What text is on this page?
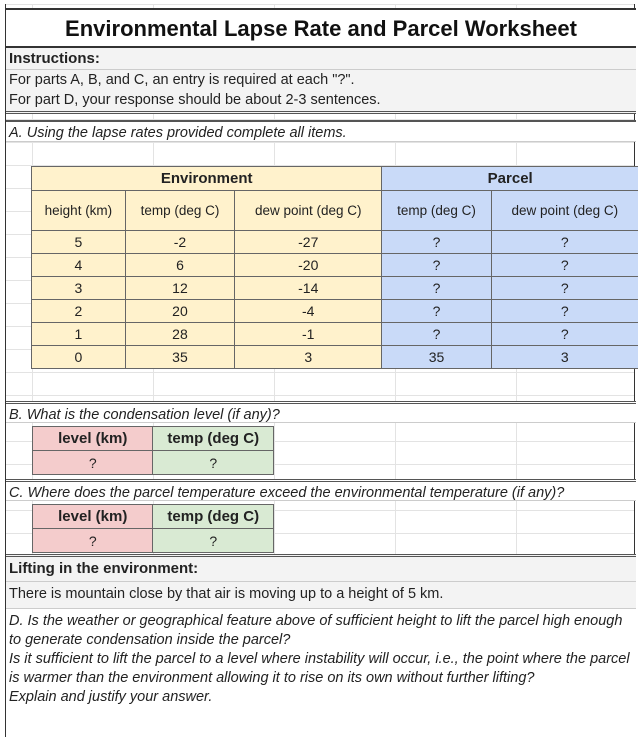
Environmental Lapse Rate and Parcel Worksheet
Instructions:
For parts A, B, and C, an entry is required at each "?".
For part D, your response should be about 2-3 sentences.
A. Using the lapse rates provided complete all items.
Environment			Parcel	
height (km)	temp (deg C)	dew point (deg C)	temp (deg C)	dew point (deg C)
5	-2	-27	?	?
4	6	-20	?	?
3	12	-14	?	?
2	20	-4	?	?
1	28	-1	?	?
0	35	3	35	3
B. What is the condensation level (if any)?
level (km)	temp (deg C)
?	?
C. Where does the parcel temperature exceed the environmental temperature (if any)?
level (km)	temp (deg C)
?	?
Lifting in the environment:
There is mountain close by that air is moving up to a height of 5 km.
D. Is the weather or geographical feature above of sufficient height to lift the parcel high enough to generate condensation inside the parcel?
Is it sufficient to lift the parcel to a level where instability will occur, i.e., the point where the parcel is warmer than the environment allowing it to rise on its own without further lifting?
Explain and justify your answer.
